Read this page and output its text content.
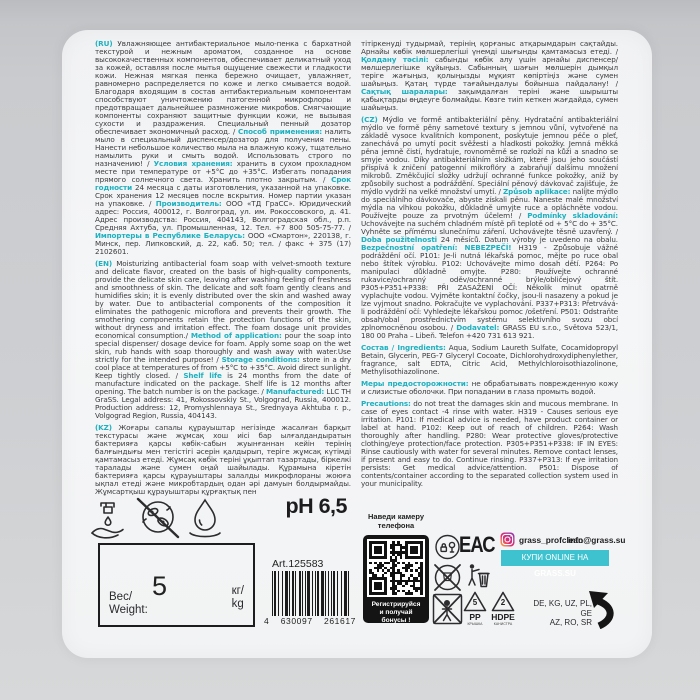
(RU) Увлажняющее антибактериальное мыло-пенка с бархатной текстурой и нежным ароматом, созданное на основе высококачественных компонентов, обеспечивает деликатный уход за кожей, оставляя после мытья ощущение свежести и гладкости кожи. Нежная мягкая пенка бережно очищает, увлажняет, равномерно распределяется по коже и легко смывается водой. Благодаря входящим в состав антибактериальным компонентам способствуют уничтожению патогенной микрофлоры и предотвращает дальнейшее размножение микробов. Смягчающие компоненты сохраняют защитные функции кожи, не вызывая сухости и раздражения. Специальный пенный дозатор обеспечивает экономичный расход. / Способ применения: налить мыло в специальный диспенсер/дозатор для получения пены. Нанести небольшое количество мыла на влажную кожу, тщательно намылить руки и смыть водой. Использовать строго по назначению! / Условия хранения: хранить в сухом прохладном месте при температуре от +5°С до +35°С. Избегать попадания прямого солнечного света. Хранить плотно закрытым. / Срок годности 24 месяца с даты изготовления, указанной на упаковке. Срок хранения 12 месяцев после вскрытия. Номер партии указан на упаковке. / Производитель: ООО «ТД ГраСС». Юридический адрес: Россия, 400012, г. Волгоград, ул. им. Рокоссовского, д. 41. Адрес производства: Россия, 404143, Волгоградская обл., р.п. Средняя Ахтуба, ул. Промышленная, 12. Тел. +7 800 505-75-77. / Импортеры в Республике Беларусь: ООО «Смартон», 220138, г. Минск, пер. Липковский, д. 22, каб. 50; тел. / факс + 375 (17) 2102601.

(EN) Moisturizing antibacterial foam soap with velvet-smooth texture and delicate flavor, created on the basis of high-quality components, provide the delicate skin care, leaving after washing feeling of freshness and smoothness of skin. The delicate and soft foam gently cleans and humidifies skin; it is evenly distributed over the skin and washed away by water. Due to antibacterial components of the composition it eliminates the pathogenic microflora and prevents their growth. The smothering components retain the protection functions of the skin, without dryness and irritation effect. The foam dosage unit provides economical consumption./ Method of application: pour the soap into special dispenser/ dosage device for foam. Apply some soap on the wet skin, rub hands with soap thoroughly and wash away with water.Use strictly for the intended purpose! / Storage conditions: store in a dry cool place at temperatures of from +5°C to +35°C. Avoid direct sunlight. Keep tightly closed. / Shelf life is 24 months from the date of manufacture indicated on the package. Shelf life is 12 months after opening. The batch number is on the package. / Manufactured: LLC TH GraSS. Legal address: 41, Rokossovskiy St., Volgograd, Russia, 400012. Production address: 12, Promyshlennaya St., Srednyaya Akhtuba r. p., Volgograd Region, Russia, 404143.

(KZ) Жоғары сапалы құрауыштар негізінде жасалған барқыт текстурасы және жұмсақ хош иісі бар ылғалдандыратын бактерияға қарсы көбік-сабын жуынғаннан кейін терінің балғындығы мен тегістігі әсерін қалдырып, теріге жұмсақ күтімді қамтамасыз етеді. Жұмсақ көбік теріні ұқыптап тазартады, біркелкі таралады және сумен оңай шайылады. Құрамына кіретін бактерияға қарсы құрауыштары залалды микрофлораны жоюға ықпал етеді және микробтардың одан әрі дамуын болдырмайды. Жұмсартқыш құрауыштары құрғақтық пен

тітіркенуді тудырмай, терінің қорғаныс атқарымдарын сақтайды. Арнайы көбік мөлшерлегіші үнемді шығынды қамтамасыз етеді. / Қолдану тәсілі: сабынды көбік алу үшін арнайы диспенсер/мөлшерлегішке құйыңыз. Сабынның шағын мөлшерін дымқыл теріге жағыңыз, қолыңызды мұқият көпіртіңіз және сумен шайыңыз. Қатаң түрде тағайындалуы бойынша пайдалану! / Сақтық шаралары: зақымдалған теріні және шырышты қабықтарды өңдеуге болмайды. Көзге тиіп кеткен жағдайда, сумен шайыңыз.

(CZ) Mýdlo ve formě antibakteriální pěny. Hydratační antibakteriální mýdlo ve formě pěny sametové textury s jemnou vůní, vytvořené na základě vysoce kvalitních komponent, poskytuje jemnou péče o pleť, zanechává po umytí pocit svěžesti a hladkosti pokožky. Jemná měkká pěna jemně čistí, hydratuje, rovnoměrně se rozloží na kůži a snadno se smyje vodou. Díky antibakteriálním složkám, které jsou jeho součástí příspívá k zničení patogenní mikroflóry a zabraňují dalšímu množení mikrobů. Změkčující složky udržují ochranné funkce pokožky, aniž by způsobily suchost a podráždění. Speciální pěnový dávkovač zajišťuje, že mýdlo vydrží na velké množství umytí. / Způsob aplikace: nalijte mýdlo do speciálního dávkovače, abyste získali pěnu. Naneste malé množství mýdla na vlhkou pokožku, důkladně umyjte ruce a opláchněte vodou. Používejte pouze za prvotným účelem! / Podmínky skladování: Uchovávejte na suchém chladném místě při teplotě od + 5°C do + 35°C. Vyhněte se přímému slunečnímu záření. Uchovávejte těsně uzavřený. / Doba použitelnosti 24 měsíců. Datum výroby je uvedeno na obalu. Bezpečnostní opatření: NEBEZPEČÍ! H319 - Způsobuje vážné podráždění očí. P101: Je-li nutná lékařská pomoc, mějte po ruce obal nebo štítek výrobku. P102: Uchovávejte mimo dosah dětí. P264: Po manipulaci důkladně omyjte. P280: Používejte ochranné rukavice/ochranný oděv/ochranné brýle/obličejový štít. P305+P351+P338: PŘI ZASAŽENÍ OČÍ: Několik minut opatrně vyplachujte vodou. Vyjměte kontaktní čočky, jsou-li nasazeny a pokud je lze vyjmout snadno. Pokračujte ve vyplachování. P337+P313: Přetrvává-li podráždění očí: Vyhledejte lékařskou pomoc /ošetření. P501: Odstraňte obsah/obal prostřednictvím systému selektivního svozu obcí zplnomocněnou osobou. / Dodavatel: GRASS EU s.r.o., Světova 523/1, 180 00 Praha – Libeň. Telefon +420 731 613 921.

Состав / Ingredients: Aqua, Sodium Laureth Sulfate, Cocamidopropyl Betain, Glycerin, PEG-7 Glyceryl Cocoate, Dichlorohydroxydiphenylether, fragrance, salt EDTA, Citric Acid, Methylchloroisothiazolinone, Methylisothiazolinone.

Меры предосторожности: не обрабатывать поврежденную кожу и слизистые оболочки. При попадании в глаза промыть водой.

Precautions: do not treat the damages skin and mucous membrane. In case of eyes contact -4 rinse with water. H319 - Causes serious eye irritation. P101: If medical advice is needed, have product container or label at hand. P102: Keep out of reach of children. P264: Wash thoroughly after handling. P280: Wear protective gloves/protective clothing/eye protection/face protection. P305+P351+P338: IF IN EYES: Rinse cautiously with water for several minutes. Remove contact lenses, if present and easy to do. Continue rinsing. P337+P313: If eye irritation persists: Get medical advice/attention. P501: Dispose of contents/container according to the separated collection system used in your municipality.

pH 6,5
Вес/
Weight:
5	кг/
kg
Art.125583
4 630097 261617
Наведи камеру
телефона
Регистрируйся
и получай бонусы !
ЕАС
5
PP
КРЫШКА
2
HDPE
КАНИСТРА
grass_profclean
info@grass.su
КУПИ ONLINE НА GRASS.SU
DE, KG, UZ, PL, GE
AZ, RO, SR
